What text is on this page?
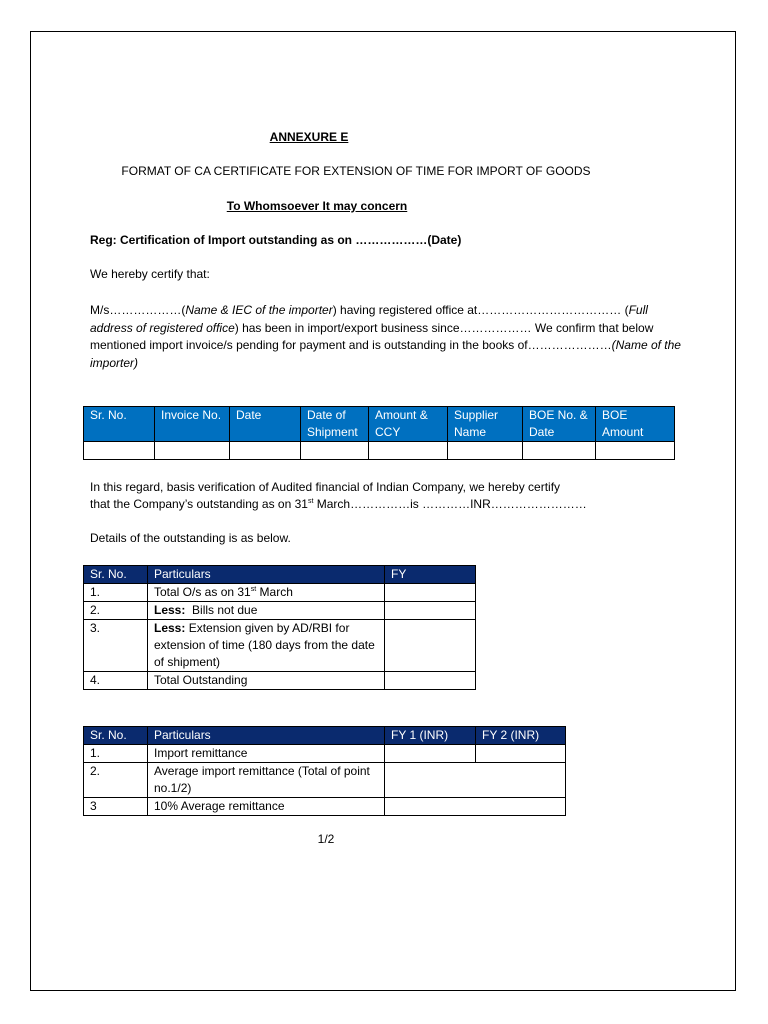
ANNEXURE E
FORMAT OF CA CERTIFICATE FOR EXTENSION OF TIME FOR IMPORT OF GOODS
To Whomsoever It may concern
Reg: Certification of Import outstanding as on ………………(Date)
We hereby certify that:
M/s………………(Name & IEC of the importer) having registered office at……………………………… (Full address of registered office) has been in import/export business since……………… We confirm that below mentioned import invoice/s pending for payment and is outstanding in the books of…………………(Name of the importer)
Sr. No.	Invoice No.	Date	Date of Shipment	Amount & CCY	Supplier Name	BOE No. & Date	BOE Amount

In this regard, basis verification of Audited financial of Indian Company, we hereby certify
that the Company’s outstanding as on 31st March……………is …………INR……………………
Details of the outstanding is as below.
Sr. No.	Particulars	FY
1.	Total O/s as on 31st March	
2.	Less:  Bills not due	
3.	Less: Extension given by AD/RBI for extension of time (180 days from the date of shipment)	
4.	Total Outstanding	
Sr. No.	Particulars	FY 1 (INR)	FY 2 (INR)
1.	Import remittance		
2.	Average import remittance (Total of point no.1/2)		
3	10% Average remittance		
1/2
